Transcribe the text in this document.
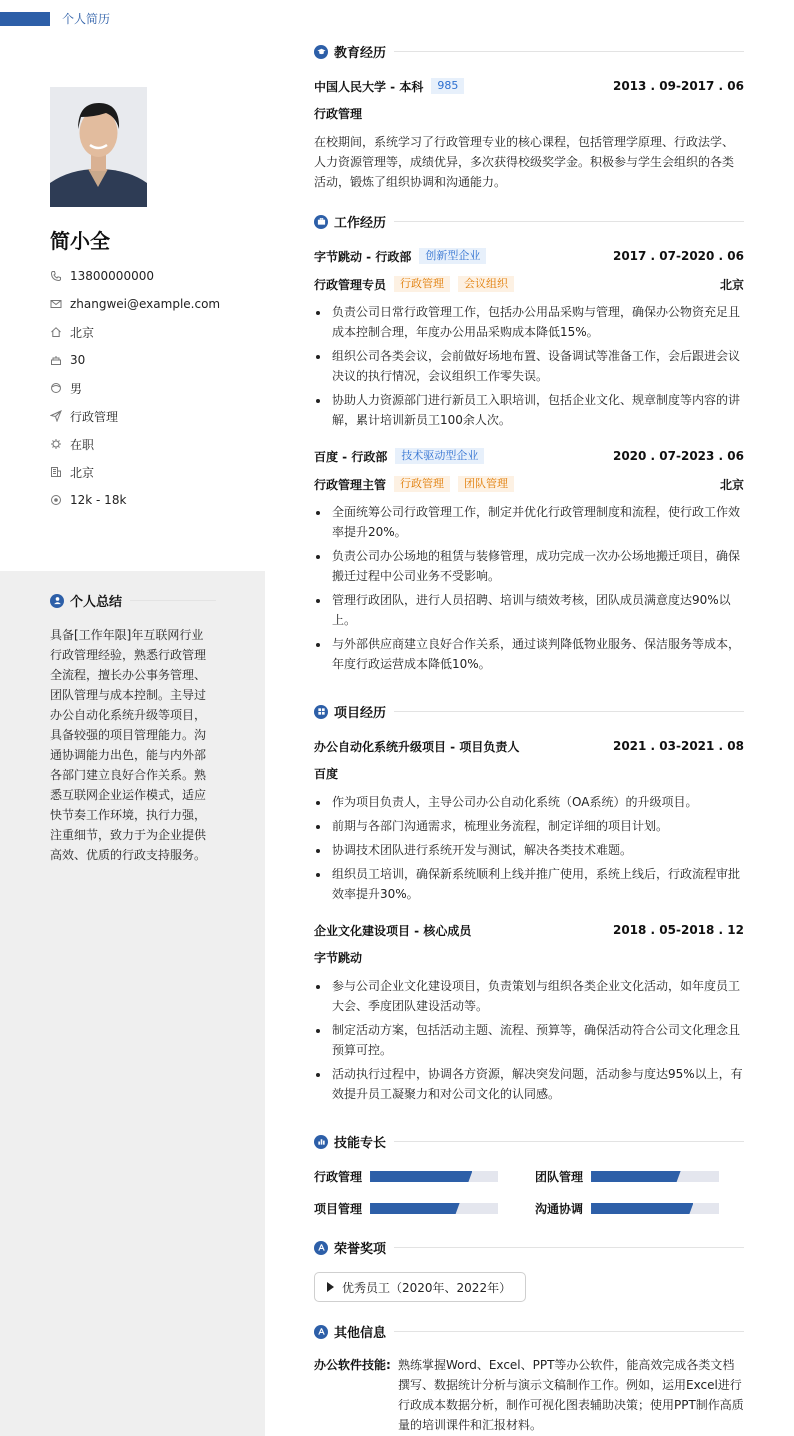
个人简历
简小全
13800000000
zhangwei@example.com
北京
30
男
行政管理
在职
北京
12k - 18k
个人总结
具备[工作年限]年互联网行业行政管理经验，熟悉行政管理全流程，擅长办公事务管理、团队管理与成本控制。主导过办公自动化系统升级等项目，具备较强的项目管理能力。沟通协调能力出色，能与内外部各部门建立良好合作关系。熟悉互联网企业运作模式，适应快节奏工作环境，执行力强，注重细节，致力于为企业提供高效、优质的行政支持服务。
教育经历
中国人民大学 - 本科	985	2013 . 09-2017 . 06
行政管理
在校期间，系统学习了行政管理专业的核心课程，包括管理学原理、行政法学、人力资源管理等，成绩优异，多次获得校级奖学金。积极参与学生会组织的各类活动，锻炼了组织协调和沟通能力。
工作经历
字节跳动 - 行政部	创新型企业	2017 . 07-2020 . 06
行政管理专员	行政管理	会议组织	北京
负责公司日常行政管理工作，包括办公用品采购与管理，确保办公物资充足且成本控制合理，年度办公用品采购成本降低15%。
组织公司各类会议，会前做好场地布置、设备调试等准备工作，会后跟进会议决议的执行情况，会议组织工作零失误。
协助人力资源部门进行新员工入职培训，包括企业文化、规章制度等内容的讲解，累计培训新员工100余人次。
百度 - 行政部	技术驱动型企业	2020 . 07-2023 . 06
行政管理主管	行政管理	团队管理	北京
全面统筹公司行政管理工作，制定并优化行政管理制度和流程，使行政工作效率提升20%。
负责公司办公场地的租赁与装修管理，成功完成一次办公场地搬迁项目，确保搬迁过程中公司业务不受影响。
管理行政团队，进行人员招聘、培训与绩效考核，团队成员满意度达90%以上。
与外部供应商建立良好合作关系，通过谈判降低物业服务、保洁服务等成本，年度行政运营成本降低10%。
项目经历
办公自动化系统升级项目 - 项目负责人	2021 . 03-2021 . 08
百度
作为项目负责人，主导公司办公自动化系统（OA系统）的升级项目。
前期与各部门沟通需求，梳理业务流程，制定详细的项目计划。
协调技术团队进行系统开发与测试，解决各类技术难题。
组织员工培训，确保新系统顺利上线并推广使用，系统上线后，行政流程审批效率提升30%。
企业文化建设项目 - 核心成员	2018 . 05-2018 . 12
字节跳动
参与公司企业文化建设项目，负责策划与组织各类企业文化活动，如年度员工大会、季度团队建设活动等。
制定活动方案，包括活动主题、流程、预算等，确保活动符合公司文化理念且预算可控。
活动执行过程中，协调各方资源，解决突发问题，活动参与度达95%以上，有效提升员工凝聚力和对公司文化的认同感。
技能专长
行政管理	团队管理
项目管理	沟通协调
荣誉奖项
优秀员工（2020年、2022年）
其他信息
办公软件技能: 熟练掌握Word、Excel、PPT等办公软件，能高效完成各类文档撰写、数据统计分析与演示文稿制作工作。例如，运用Excel进行行政成本数据分析，制作可视化图表辅助决策；使用PPT制作高质量的培训课件和汇报材料。
